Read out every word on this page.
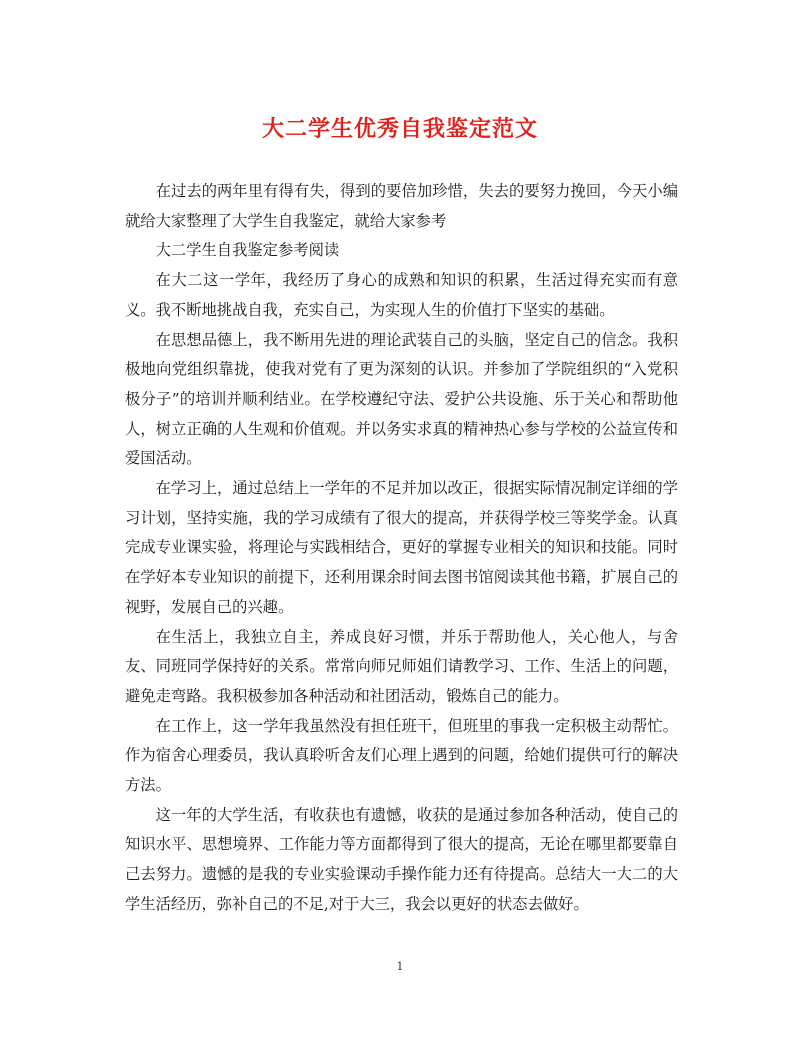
大二学生优秀自我鉴定范文

在过去的两年里有得有失，得到的要倍加珍惜，失去的要努力挽回，今天小编就给大家整理了大学生自我鉴定，就给大家参考

大二学生自我鉴定参考阅读

在大二这一学年，我经历了身心的成熟和知识的积累，生活过得充实而有意义。我不断地挑战自我，充实自己，为实现人生的价值打下坚实的基础。

在思想品德上，我不断用先进的理论武装自己的头脑，坚定自己的信念。我积极地向党组织靠拢，使我对党有了更为深刻的认识。并参加了学院组织的“入党积极分子”的培训并顺利结业。在学校遵纪守法、爱护公共设施、乐于关心和帮助他人，树立正确的人生观和价值观。并以务实求真的精神热心参与学校的公益宣传和爱国活动。

在学习上，通过总结上一学年的不足并加以改正，很据实际情况制定详细的学习计划，坚持实施，我的学习成绩有了很大的提高，并获得学校三等奖学金。认真完成专业课实验，将理论与实践相结合，更好的掌握专业相关的知识和技能。同时在学好本专业知识的前提下，还利用课余时间去图书馆阅读其他书籍，扩展自己的视野，发展自己的兴趣。

在生活上，我独立自主，养成良好习惯，并乐于帮助他人，关心他人，与舍友、同班同学保持好的关系。常常向师兄师姐们请教学习、工作、生活上的问题，避免走弯路。我积极参加各种活动和社团活动，锻炼自己的能力。

在工作上，这一学年我虽然没有担任班干，但班里的事我一定积极主动帮忙。作为宿舍心理委员，我认真聆听舍友们心理上遇到的问题，给她们提供可行的解决方法。

这一年的大学生活，有收获也有遗憾，收获的是通过参加各种活动，使自己的知识水平、思想境界、工作能力等方面都得到了很大的提高，无论在哪里都要靠自己去努力。遗憾的是我的专业实验课动手操作能力还有待提高。总结大一大二的大学生活经历，弥补自己的不足,对于大三，我会以更好的状态去做好。

1
